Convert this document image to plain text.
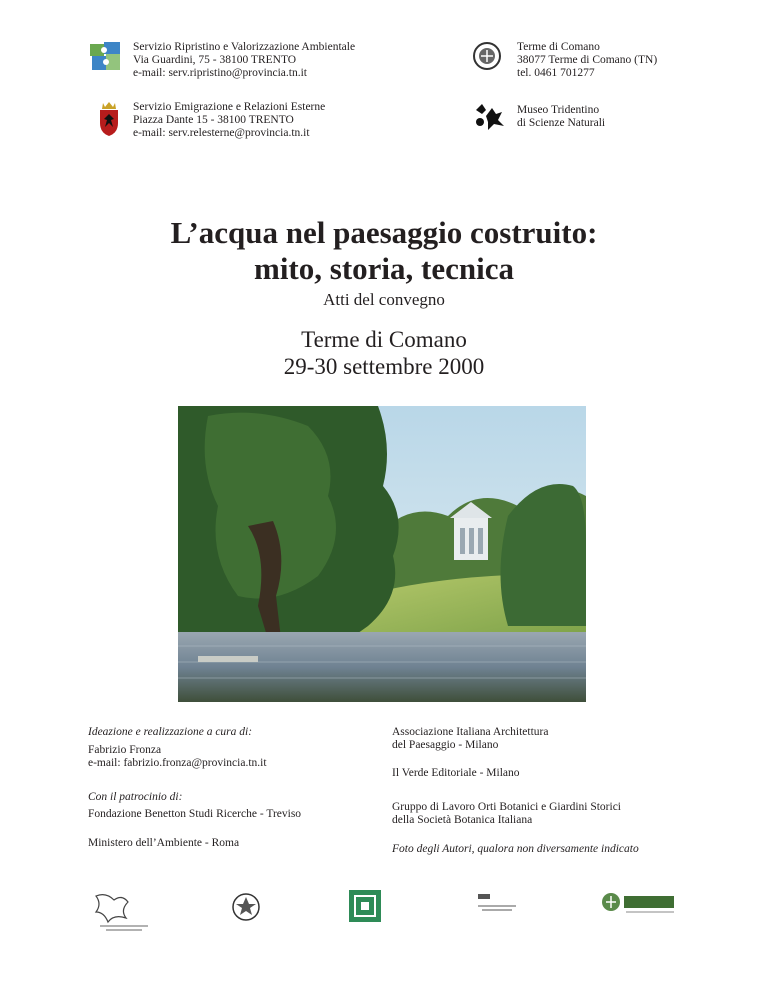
Servizio Ripristino e Valorizzazione Ambientale
Via Guardini, 75 - 38100 TRENTO
e-mail: serv.ripristino@provincia.tn.it
Servizio Emigrazione e Relazioni Esterne
Piazza Dante 15 - 38100 TRENTO
e-mail: serv.relesterne@provincia.tn.it
Terme di Comano
38077 Terme di Comano (TN)
tel. 0461 701277
Museo Tridentino
di Scienze Naturali
L’acqua nel paesaggio costruito:
mito, storia, tecnica
Atti del convegno
Terme di Comano
29-30 settembre 2000
Ideazione e realizzazione a cura di:
Fabrizio Fronza
e-mail: fabrizio.fronza@provincia.tn.it
Con il patrocinio di:
Fondazione Benetton Studi Ricerche - Treviso
Ministero dell’Ambiente - Roma
Associazione Italiana Architettura
del Paesaggio - Milano
Il Verde Editoriale - Milano
Gruppo di Lavoro Orti Botanici e Giardini Storici
della Società Botanica Italiana
Foto degli Autori, qualora non diversamente indicato
